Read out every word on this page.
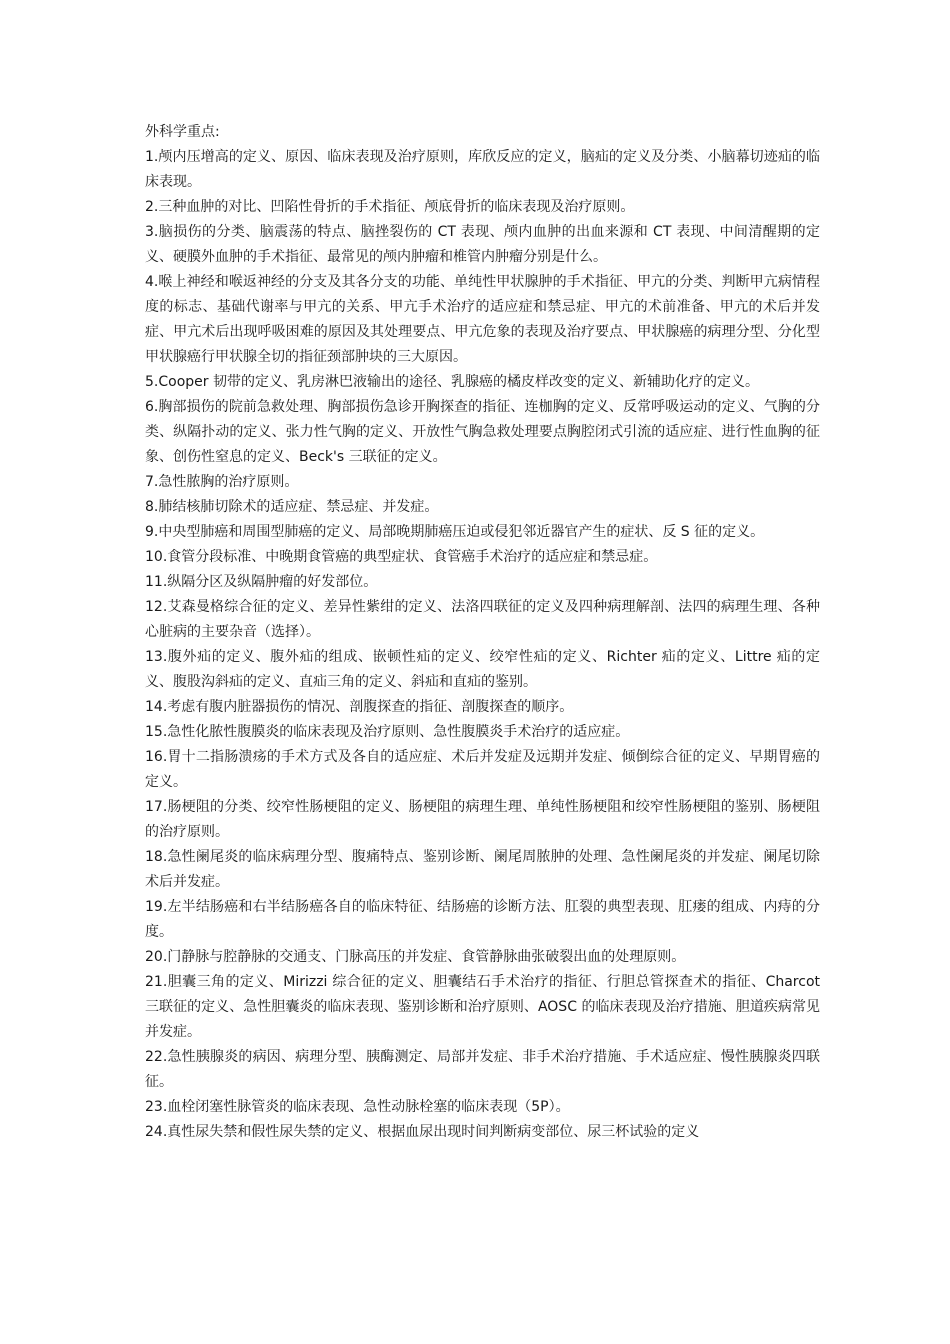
外科学重点:

1.颅内压增高的定义、原因、临床表现及治疗原则，库欣反应的定义，脑疝的定义及分类、小脑幕切迹疝的临床表现。

2.三种血肿的对比、凹陷性骨折的手术指征、颅底骨折的临床表现及治疗原则。

3.脑损伤的分类、脑震荡的特点、脑挫裂伤的 CT 表现、颅内血肿的出血来源和 CT 表现、中间清醒期的定义、硬膜外血肿的手术指征、最常见的颅内肿瘤和椎管内肿瘤分别是什么。

4.喉上神经和喉返神经的分支及其各分支的功能、单纯性甲状腺肿的手术指征、甲亢的分类、判断甲亢病情程度的标志、基础代谢率与甲亢的关系、甲亢手术治疗的适应症和禁忌症、甲亢的术前准备、甲亢的术后并发症、甲亢术后出现呼吸困难的原因及其处理要点、甲亢危象的表现及治疗要点、甲状腺癌的病理分型、分化型甲状腺癌行甲状腺全切的指征颈部肿块的三大原因。

5.Cooper 韧带的定义、乳房淋巴液输出的途径、乳腺癌的橘皮样改变的定义、新辅助化疗的定义。

6.胸部损伤的院前急救处理、胸部损伤急诊开胸探查的指征、连枷胸的定义、反常呼吸运动的定义、气胸的分类、纵隔扑动的定义、张力性气胸的定义、开放性气胸急救处理要点胸腔闭式引流的适应症、进行性血胸的征象、创伤性窒息的定义、Beck's 三联征的定义。

7.急性脓胸的治疗原则。

8.肺结核肺切除术的适应症、禁忌症、并发症。

9.中央型肺癌和周围型肺癌的定义、局部晚期肺癌压迫或侵犯邻近器官产生的症状、反 S 征的定义。

10.食管分段标准、中晚期食管癌的典型症状、食管癌手术治疗的适应症和禁忌症。

11.纵隔分区及纵隔肿瘤的好发部位。

12.艾森曼格综合征的定义、差异性紫绀的定义、法洛四联征的定义及四种病理解剖、法四的病理生理、各种心脏病的主要杂音（选择）。

13.腹外疝的定义、腹外疝的组成、嵌顿性疝的定义、绞窄性疝的定义、Richter 疝的定义、Littre 疝的定义、腹股沟斜疝的定义、直疝三角的定义、斜疝和直疝的鉴别。

14.考虑有腹内脏器损伤的情况、剖腹探查的指征、剖腹探查的顺序。

15.急性化脓性腹膜炎的临床表现及治疗原则、急性腹膜炎手术治疗的适应症。

16.胃十二指肠溃疡的手术方式及各自的适应症、术后并发症及远期并发症、倾倒综合征的定义、早期胃癌的定义。

17.肠梗阻的分类、绞窄性肠梗阻的定义、肠梗阻的病理生理、单纯性肠梗阻和绞窄性肠梗阻的鉴别、肠梗阻的治疗原则。

18.急性阑尾炎的临床病理分型、腹痛特点、鉴别诊断、阑尾周脓肿的处理、急性阑尾炎的并发症、阑尾切除术后并发症。

19.左半结肠癌和右半结肠癌各自的临床特征、结肠癌的诊断方法、肛裂的典型表现、肛瘘的组成、内痔的分度。

20.门静脉与腔静脉的交通支、门脉高压的并发症、食管静脉曲张破裂出血的处理原则。

21.胆囊三角的定义、Mirizzi 综合征的定义、胆囊结石手术治疗的指征、行胆总管探查术的指征、Charcot 三联征的定义、急性胆囊炎的临床表现、鉴别诊断和治疗原则、AOSC 的临床表现及治疗措施、胆道疾病常见并发症。

22.急性胰腺炎的病因、病理分型、胰酶测定、局部并发症、非手术治疗措施、手术适应症、慢性胰腺炎四联征。

23.血栓闭塞性脉管炎的临床表现、急性动脉栓塞的临床表现（5P）。

24.真性尿失禁和假性尿失禁的定义、根据血尿出现时间判断病变部位、尿三杯试验的定义
